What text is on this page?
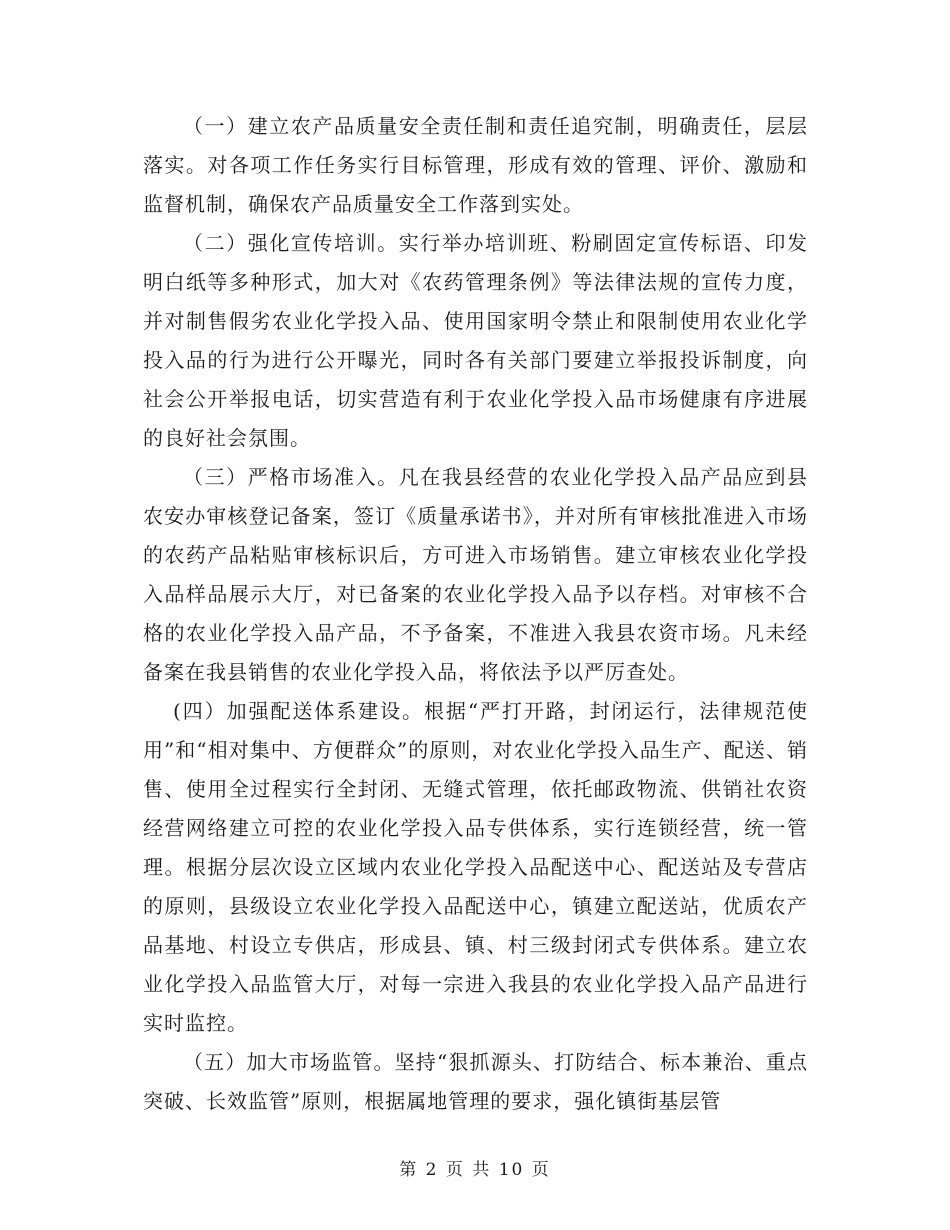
（一）建立农产品质量安全责任制和责任追究制，明确责任，层层落实。对各项工作任务实行目标管理，形成有效的管理、评价、激励和监督机制，确保农产品质量安全工作落到实处。

（二）强化宣传培训。实行举办培训班、粉刷固定宣传标语、印发明白纸等多种形式，加大对《农药管理条例》等法律法规的宣传力度，并对制售假劣农业化学投入品、使用国家明令禁止和限制使用农业化学投入品的行为进行公开曝光，同时各有关部门要建立举报投诉制度，向社会公开举报电话，切实营造有利于农业化学投入品市场健康有序进展的良好社会氛围。

（三）严格市场准入。凡在我县经营的农业化学投入品产品应到县农安办审核登记备案，签订《质量承诺书》，并对所有审核批准进入市场的农药产品粘贴审核标识后，方可进入市场销售。建立审核农业化学投入品样品展示大厅，对已备案的农业化学投入品予以存档。对审核不合格的农业化学投入品产品，不予备案，不准进入我县农资市场。凡未经备案在我县销售的农业化学投入品，将依法予以严厉查处。

(四）加强配送体系建设。根据“严打开路，封闭运行，法律规范使用”和“相对集中、方便群众”的原则，对农业化学投入品生产、配送、销售、使用全过程实行全封闭、无缝式管理，依托邮政物流、供销社农资经营网络建立可控的农业化学投入品专供体系，实行连锁经营，统一管理。根据分层次设立区域内农业化学投入品配送中心、配送站及专营店的原则，县级设立农业化学投入品配送中心，镇建立配送站，优质农产品基地、村设立专供店，形成县、镇、村三级封闭式专供体系。建立农业化学投入品监管大厅，对每一宗进入我县的农业化学投入品产品进行实时监控。

（五）加大市场监管。坚持“狠抓源头、打防结合、标本兼治、重点突破、长效监管”原则，根据属地管理的要求，强化镇街基层管

第 2 页 共 10 页
